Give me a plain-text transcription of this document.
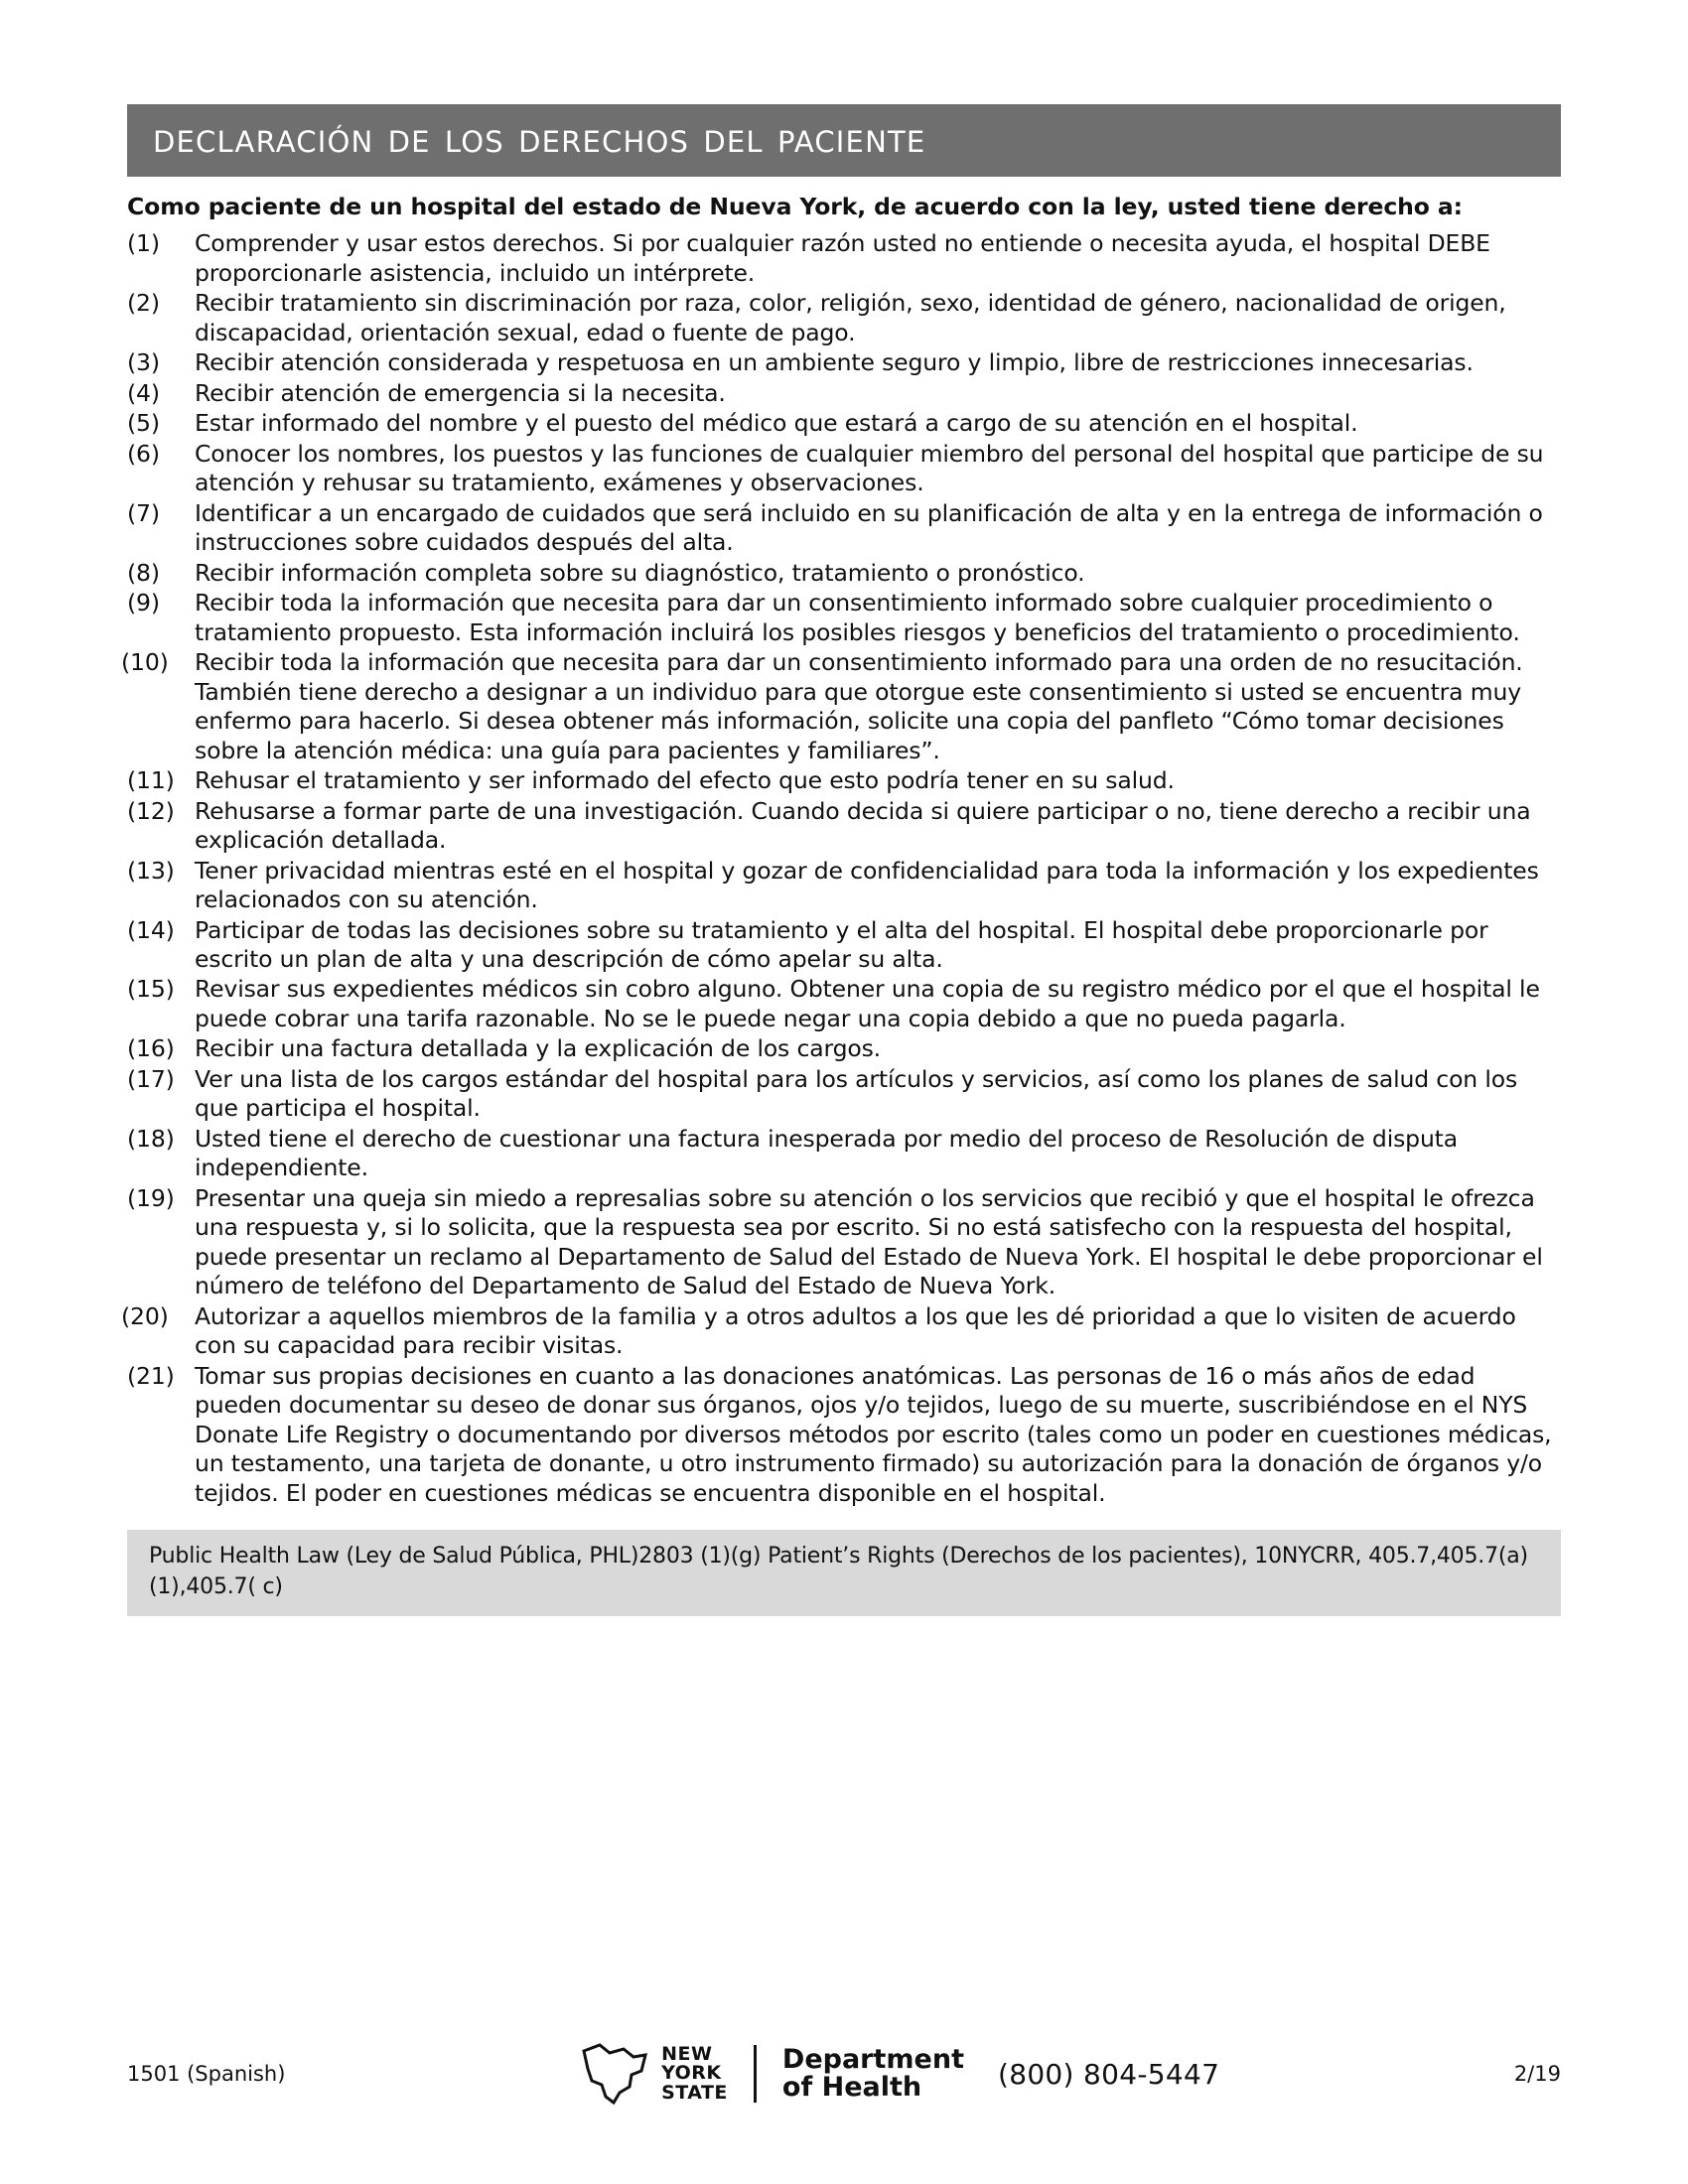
declaración de los derechos del paciente
Como paciente de un hospital del estado de Nueva York, de acuerdo con la ley, usted tiene derecho a:
(1)	Comprender y usar estos derechos. Si por cualquier razón usted no entiende o necesita ayuda, el hospital DEBE proporcionarle asistencia, incluido un intérprete.
(2)	Recibir tratamiento sin discriminación por raza, color, religión, sexo, identidad de género, nacionalidad de origen, discapacidad, orientación sexual, edad o fuente de pago.
(3)	Recibir atención considerada y respetuosa en un ambiente seguro y limpio, libre de restricciones innecesarias.
(4)	Recibir atención de emergencia si la necesita.
(5)	Estar informado del nombre y el puesto del médico que estará a cargo de su atención en el hospital.
(6)	Conocer los nombres, los puestos y las funciones de cualquier miembro del personal del hospital que participe de su atención y rehusar su tratamiento, exámenes y observaciones.
(7)	Identificar a un encargado de cuidados que será incluido en su planificación de alta y en la entrega de información o instrucciones sobre cuidados después del alta.
(8)	Recibir información completa sobre su diagnóstico, tratamiento o pronóstico.
(9)	Recibir toda la información que necesita para dar un consentimiento informado sobre cualquier procedimiento o tratamiento propuesto. Esta información incluirá los posibles riesgos y beneficios del tratamiento o procedimiento.
(10)	Recibir toda la información que necesita para dar un consentimiento informado para una orden de no resucitación. También tiene derecho a designar a un individuo para que otorgue este consentimiento si usted se encuentra muy enfermo para hacerlo. Si desea obtener más información, solicite una copia del panfleto “Cómo tomar decisiones sobre la atención médica: una guía para pacientes y familiares”.
(11) Rehusar el tratamiento y ser informado del efecto que esto podría tener en su salud.
(12) Rehusarse a formar parte de una investigación. Cuando decida si quiere participar o no, tiene derecho a recibir una explicación detallada.
(13) Tener privacidad mientras esté en el hospital y gozar de confidencialidad para toda la información y los expedientes relacionados con su atención.
(14) Participar de todas las decisiones sobre su tratamiento y el alta del hospital. El hospital debe proporcionarle por escrito un plan de alta y una descripción de cómo apelar su alta.
(15) Revisar sus expedientes médicos sin cobro alguno. Obtener una copia de su registro médico por el que el hospital le puede cobrar una tarifa razonable. No se le puede negar una copia debido a que no pueda pagarla.
(16) Recibir una factura detallada y la explicación de los cargos.
(17) Ver una lista de los cargos estándar del hospital para los artículos y servicios, así como los planes de salud con los que participa el hospital.
(18) Usted tiene el derecho de cuestionar una factura inesperada por medio del proceso de Resolución de disputa independiente.
(19) Presentar una queja sin miedo a represalias sobre su atención o los servicios que recibió y que el hospital le ofrezca una respuesta y, si lo solicita, que la respuesta sea por escrito. Si no está satisfecho con la respuesta del hospital, puede presentar un reclamo al Departamento de Salud del Estado de Nueva York. El hospital le debe proporcionar el número de teléfono del Departamento de Salud del Estado de Nueva York.
(20)	Autorizar a aquellos miembros de la familia y a otros adultos a los que les dé prioridad a que lo visiten de acuerdo con su capacidad para recibir visitas.
(21) Tomar sus propias decisiones en cuanto a las donaciones anatómicas. Las personas de 16 o más años de edad pueden documentar su deseo de donar sus órganos, ojos y/o tejidos, luego de su muerte, suscribiéndose en el NYS Donate Life Registry o documentando por diversos métodos por escrito (tales como un poder en cuestiones médicas, un testamento, una tarjeta de donante, u otro instrumento firmado) su autorización para la donación de órganos y/o tejidos. El poder en cuestiones médicas se encuentra disponible en el hospital.
Public Health Law (Ley de Salud Pública, PHL)2803 (1)(g) Patient’s Rights (Derechos de los pacientes), 10NYCRR, 405.7,405.7(a)(1),405.7( c)
1501 (Spanish)
NEW
YORK
STATE
Department
of Health	(800) 804-5447	2/19
